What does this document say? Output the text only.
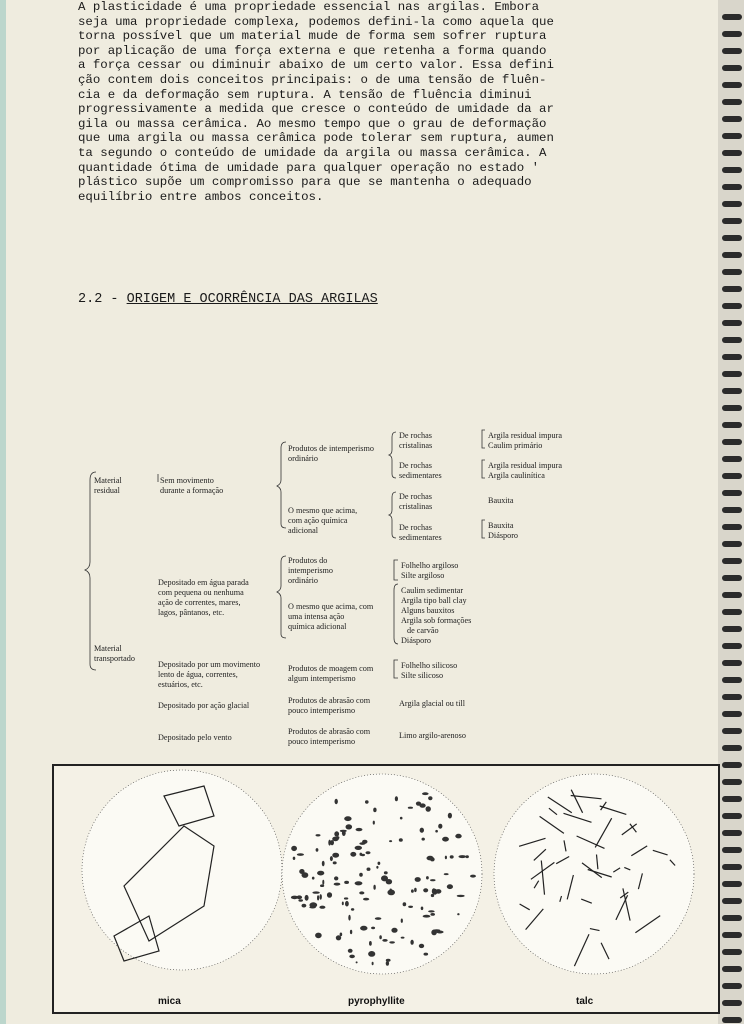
A plasticidade é uma propriedade essencial nas argilas. Embora
seja uma propriedade complexa, podemos defini-la como aquela que
torna possível que um material mude de forma sem sofrer ruptura
por aplicação de uma força externa e que retenha a forma quando
a força cessar ou diminuir abaixo de um certo valor. Essa defini
ção contem dois conceitos principais: o de uma tensão de fluên-
cia e da deformação sem ruptura. A tensão de fluência diminui
progressivamente a medida que cresce o conteúdo de umidade da ar
gila ou massa cerâmica. Ao mesmo tempo que o grau de deformação
que uma argila ou massa cerâmica pode tolerar sem ruptura, aumen
ta segundo o conteúdo de umidade da argila ou massa cerâmica. A
quantidade ótima de umidade para qualquer operação no estado '
plástico supõe um compromisso para que se mantenha o adequado
equilíbrio entre ambos conceitos.
2.2 - ORIGEM E OCORRÊNCIA DAS ARGILAS
Material
residual
Material
transportado
Sem movimento
durante a formação
Depositado em água parada
com pequena ou nenhuma
ação de correntes, mares,
lagos, pântanos, etc.
Depositado por um movimento
lento de água, correntes,
estuários, etc.
Depositado por ação glacial
Depositado pelo vento
Produtos de intemperismo
ordinário
O mesmo que acima,
com ação química
adicional
Produtos do
intemperismo
ordinário
O mesmo que acima, com
uma intensa ação
química adicional
Produtos de moagem com
algum intemperismo
Produtos de abrasão com
pouco intemperismo
Produtos de abrasão com
pouco intemperismo
De rochas
cristalinas
De rochas
sedimentares
De rochas
cristalinas
De rochas
sedimentares
Argila residual impura
Caulim primário
Argila residual impura
Argila caulinítica
Bauxita
Bauxita
Diásporo
Folhelho argiloso
Silte argiloso
Caulim sedimentar
Argila tipo ball clay
Alguns bauxitos
Argila sob formações
de carvão
Diásporo
Folhelho silicoso
Silte silicoso
Argila glacial ou till
Limo argilo-arenoso
mica	pyrophyllite	talc
